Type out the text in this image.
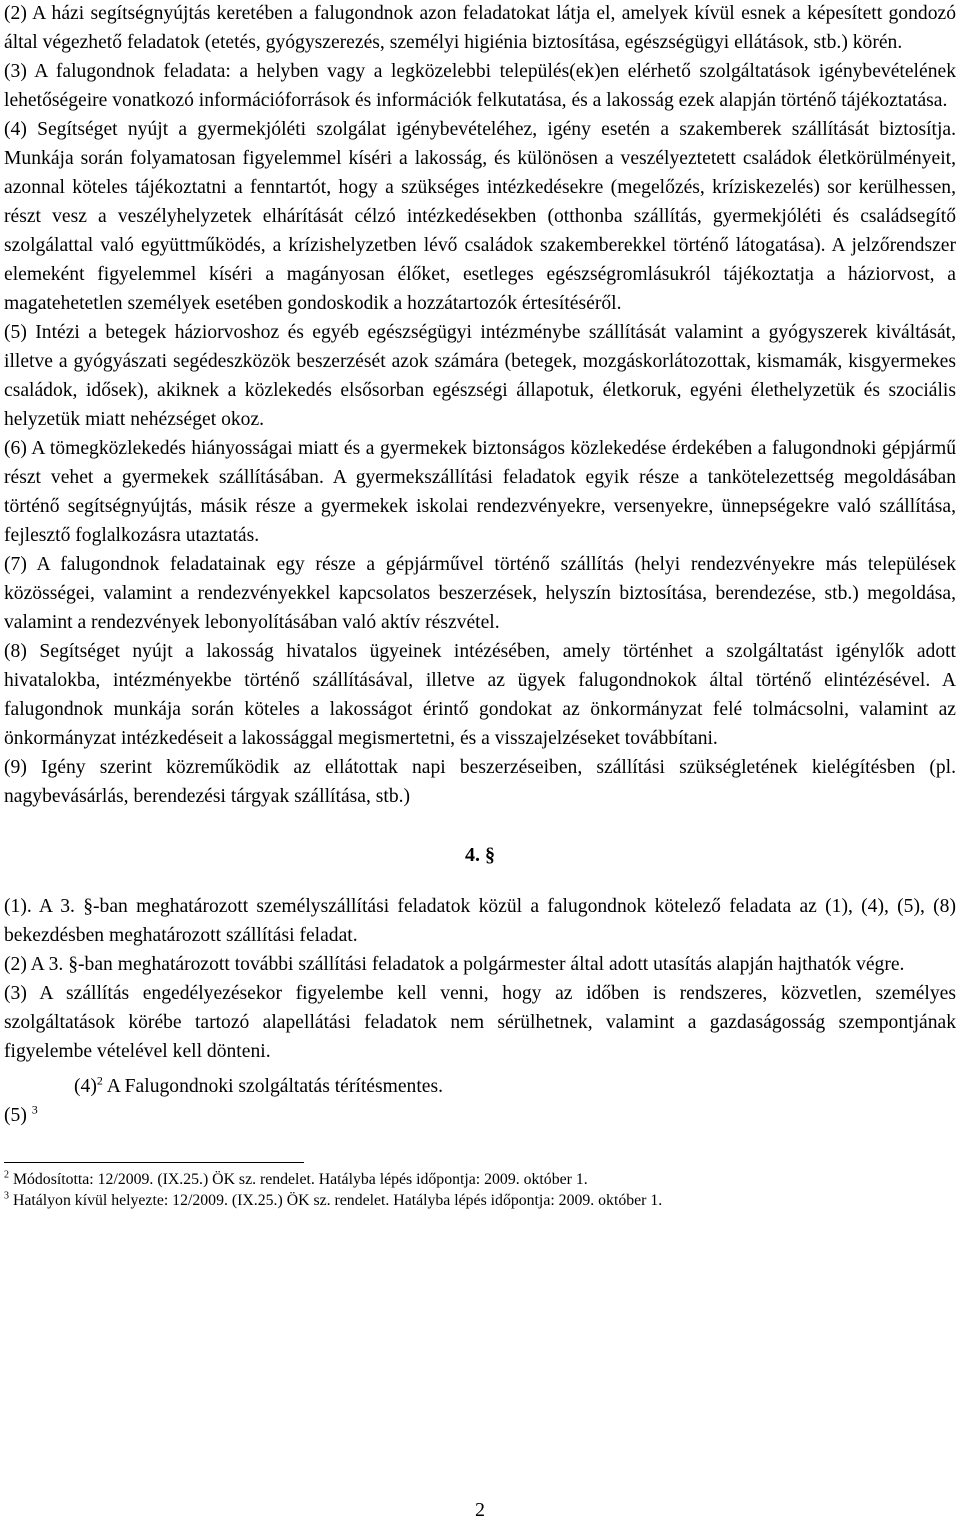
(2) A házi segítségnyújtás keretében a falugondnok azon feladatokat látja el, amelyek kívül esnek a képesített gondozó által végezhető feladatok (etetés, gyógyszerezés, személyi higiénia biztosítása, egészségügyi ellátások, stb.) körén.

(3) A falugondnok feladata: a helyben vagy a legközelebbi település(ek)en elérhető szolgáltatások igénybevételének lehetőségeire vonatkozó információforrások és információk felkutatása, és a lakosság ezek alapján történő tájékoztatása.

(4) Segítséget nyújt a gyermekjóléti szolgálat igénybevételéhez, igény esetén a szakemberek szállítását biztosítja. Munkája során folyamatosan figyelemmel kíséri a lakosság, és különösen a veszélyeztetett családok életkörülményeit, azonnal köteles tájékoztatni a fenntartót, hogy a szükséges intézkedésekre (megelőzés, kríziskezelés) sor kerülhessen, részt vesz a veszélyhelyzetek elhárítását célzó intézkedésekben (otthonba szállítás, gyermekjóléti és családsegítő szolgálattal való együttműködés, a krízishelyzetben lévő családok szakemberekkel történő látogatása). A jelzőrendszer elemeként figyelemmel kíséri a magányosan élőket, esetleges egészségromlásukról tájékoztatja a háziorvost, a magatehetetlen személyek esetében gondoskodik a hozzátartozók értesítéséről.

(5) Intézi a betegek háziorvoshoz és egyéb egészségügyi intézménybe szállítását valamint a gyógyszerek kiváltását, illetve a gyógyászati segédeszközök beszerzését azok számára (betegek, mozgáskorlátozottak, kismamák, kisgyermekes családok, idősek), akiknek a közlekedés elsősorban egészségi állapotuk, életkoruk, egyéni élethelyzetük és szociális helyzetük miatt nehézséget okoz.

(6) A tömegközlekedés hiányosságai miatt és a gyermekek biztonságos közlekedése érdekében a falugondnoki gépjármű részt vehet a gyermekek szállításában. A gyermekszállítási feladatok egyik része a tankötelezettség megoldásában történő segítségnyújtás, másik része a gyermekek iskolai rendezvényekre, versenyekre, ünnepségekre való szállítása, fejlesztő foglalkozásra utaztatás.

(7) A falugondnok feladatainak egy része a gépjárművel történő szállítás (helyi rendezvényekre más települések közösségei, valamint a rendezvényekkel kapcsolatos beszerzések, helyszín biztosítása, berendezése, stb.) megoldása, valamint a rendezvények lebonyolításában való aktív részvétel.

(8) Segítséget nyújt a lakosság hivatalos ügyeinek intézésében, amely történhet a szolgáltatást igénylők adott hivatalokba, intézményekbe történő szállításával, illetve az ügyek falugondnokok által történő elintézésével. A falugondnok munkája során köteles a lakosságot érintő gondokat az önkormányzat felé tolmácsolni, valamint az önkormányzat intézkedéseit a lakossággal megismertetni, és a visszajelzéseket továbbítani.

(9) Igény szerint közreműködik az ellátottak napi beszerzéseiben, szállítási szükségletének kielégítésben (pl. nagybevásárlás, berendezési tárgyak szállítása, stb.)

4. §

(1). A 3. §-ban meghatározott személyszállítási feladatok közül a falugondnok kötelező feladata az (1), (4), (5), (8) bekezdésben meghatározott szállítási feladat.

(2) A 3. §-ban meghatározott további szállítási feladatok a polgármester által adott utasítás alapján hajthatók végre.

(3) A szállítás engedélyezésekor figyelembe kell venni, hogy az időben is rendszeres, közvetlen, személyes szolgáltatások körébe tartozó alapellátási feladatok nem sérülhetnek, valamint a gazdaságosság szempontjának figyelembe vételével kell dönteni.

$(4)^2$ A Falugondnoki szolgáltatás térítésmentes.

(5) $^3$

$^2$ Módosította: 12/2009. (IX.25.) ÖK sz. rendelet. Hatályba lépés időpontja: 2009. október 1.

$^3$ Hatályon kívül helyezte: 12/2009. (IX.25.) ÖK sz. rendelet. Hatályba lépés időpontja: 2009. október 1.

2
